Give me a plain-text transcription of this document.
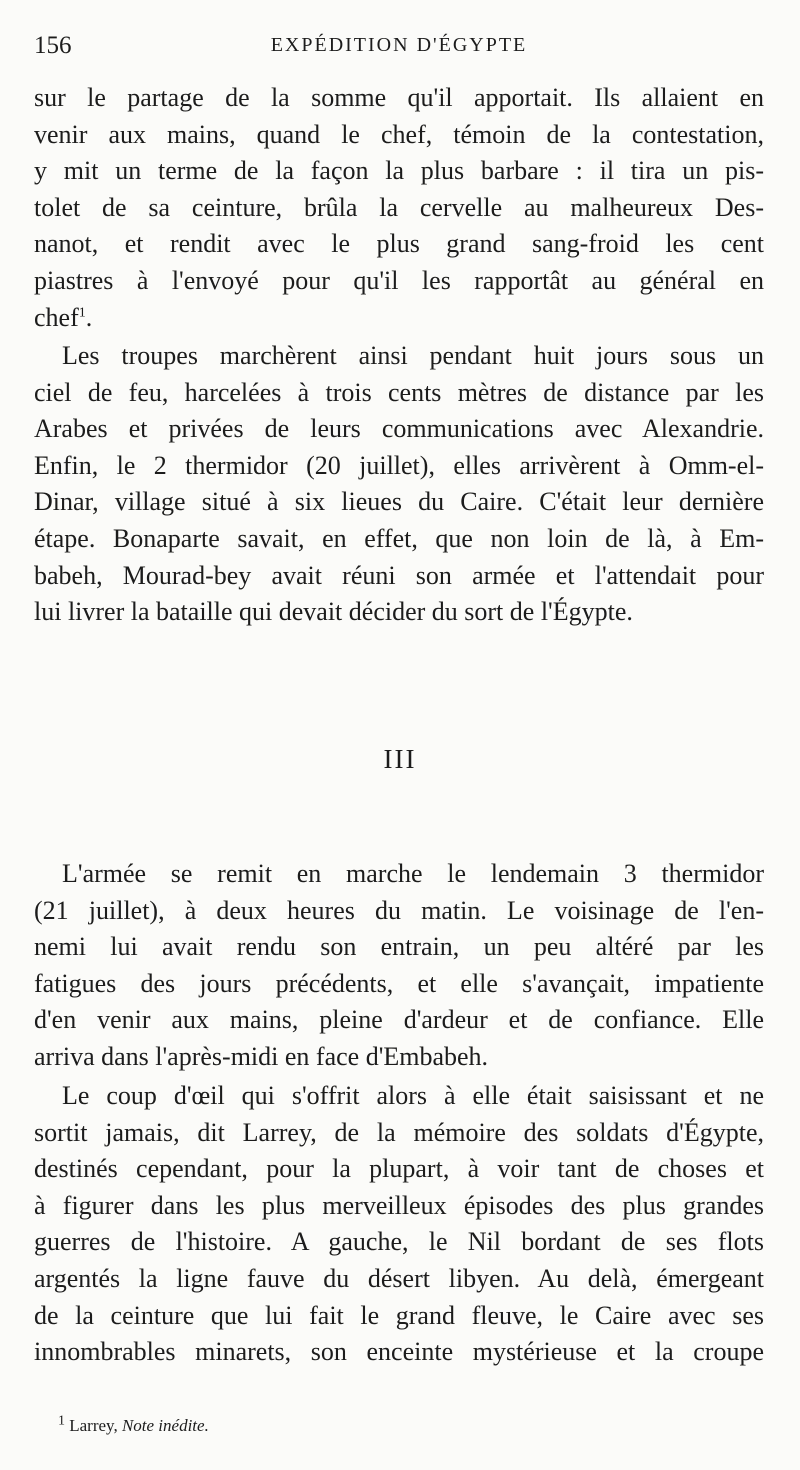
156	EXPÉDITION D'ÉGYPTE
sur le partage de la somme qu'il apportait. Ils allaient en
venir aux mains, quand le chef, témoin de la contestation,
y mit un terme de la façon la plus barbare : il tira un pis-
tolet de sa ceinture, brûla la cervelle au malheureux Des-
nanot, et rendit avec le plus grand sang-froid les cent
piastres à l'envoyé pour qu'il les rapportât au général en
chef$^1$.
Les troupes marchèrent ainsi pendant huit jours sous un
ciel de feu, harcelées à trois cents mètres de distance par les
Arabes et privées de leurs communications avec Alexandrie.
Enfin, le 2 thermidor (20 juillet), elles arrivèrent à Omm-el-
Dinar, village situé à six lieues du Caire. C'était leur dernière
étape. Bonaparte savait, en effet, que non loin de là, à Em-
babeh, Mourad-bey avait réuni son armée et l'attendait pour
lui livrer la bataille qui devait décider du sort de l'Égypte.
III
L'armée se remit en marche le lendemain 3 thermidor
(21 juillet), à deux heures du matin. Le voisinage de l'en-
nemi lui avait rendu son entrain, un peu altéré par les
fatigues des jours précédents, et elle s'avançait, impatiente
d'en venir aux mains, pleine d'ardeur et de confiance. Elle
arriva dans l'après-midi en face d'Embabeh.
Le coup d'œil qui s'offrit alors à elle était saisissant et ne
sortit jamais, dit Larrey, de la mémoire des soldats d'Égypte,
destinés cependant, pour la plupart, à voir tant de choses et
à figurer dans les plus merveilleux épisodes des plus grandes
guerres de l'histoire. A gauche, le Nil bordant de ses flots
argentés la ligne fauve du désert libyen. Au delà, émergeant
de la ceinture que lui fait le grand fleuve, le Caire avec ses
innombrables minarets, son enceinte mystérieuse et la croupe
$^1$ Larrey, Note inédite.
